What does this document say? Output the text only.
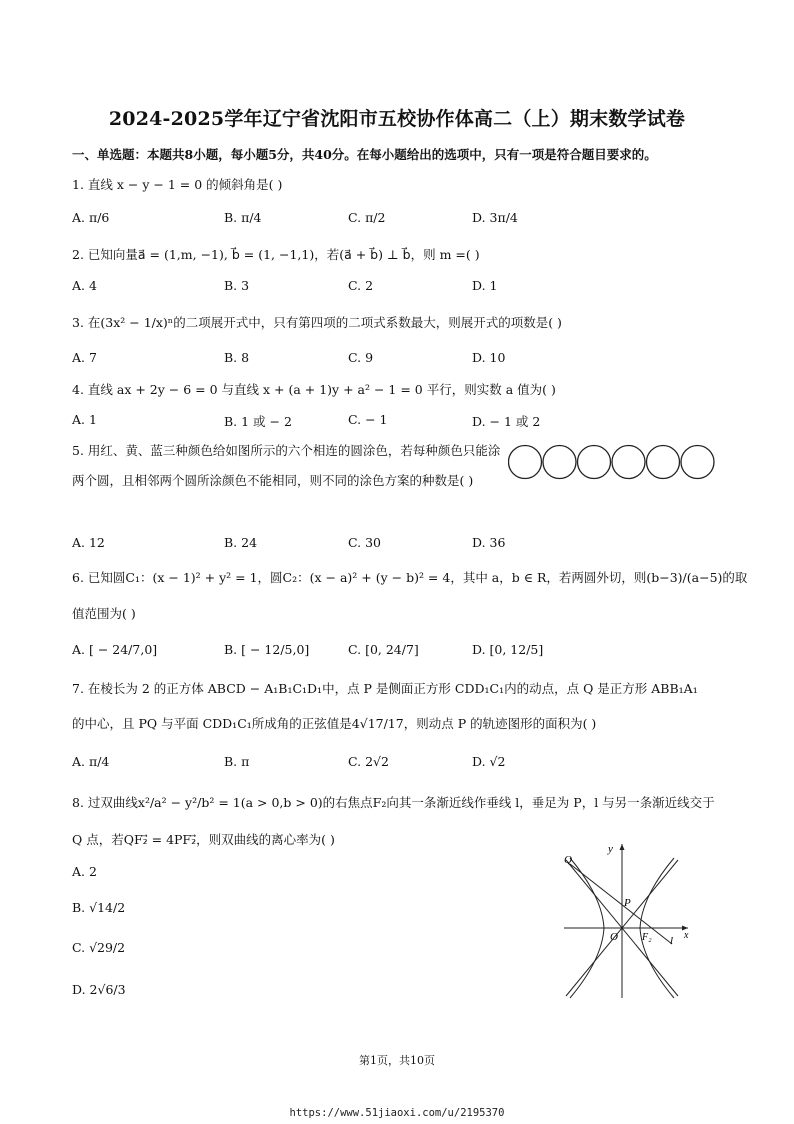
2024-2025学年辽宁省沈阳市五校协作体高二（上）期末数学试卷
一、单选题：本题共8小题，每小题5分，共40分。在每小题给出的选项中，只有一项是符合题目要求的。
1. 直线 x − y − 1 = 0 的倾斜角是( )
A. π/6	B. π/4	C. π/2	D. 3π/4
2. 已知向量a⃗ = (1,m, −1), b⃗ = (1, −1,1)，若(a⃗ + b⃗) ⊥ b⃗，则 m =( )
A. 4	B. 3	C. 2	D. 1
3. 在(3x² − 1/x)ⁿ的二项展开式中，只有第四项的二项式系数最大，则展开式的项数是( )
A. 7	B. 8	C. 9	D. 10
4. 直线 ax + 2y − 6 = 0 与直线 x + (a + 1)y + a² − 1 = 0 平行，则实数 a 值为( )
A. 1	B. 1 或 − 2	C. − 1	D. − 1 或 2
5. 用红、黄、蓝三种颜色给如图所示的六个相连的圆涂色，若每种颜色只能涂两个圆，且相邻两个圆所涂颜色不能相同，则不同的涂色方案的种数是( )
A. 12	B. 24	C. 30	D. 36
6. 已知圆C₁：(x − 1)² + y² = 1，圆C₂：(x − a)² + (y − b)² = 4，其中 a，b ∈ R，若两圆外切，则(b−3)/(a−5)的取
值范围为( )
A. [ − 24/7,0]	B. [ − 12/5,0]	C. [0, 24/7]	D. [0, 12/5]
7. 在棱长为 2 的正方体 ABCD − A₁B₁C₁D₁中，点 P 是侧面正方形 CDD₁C₁内的动点，点 Q 是正方形 ABB₁A₁
的中心，且 PQ 与平面 CDD₁C₁所成角的正弦值是4√17/17，则动点 P 的轨迹图形的面积为( )
A. π/4	B. π	C. 2√2	D. √2
8. 过双曲线x²/a² − y²/b² = 1(a > 0,b > 0)的右焦点F₂向其一条渐近线作垂线 l，垂足为 P，l 与另一条渐近线交于
Q 点，若QF₂⃗ = 4PF₂⃗，则双曲线的离心率为( )
A. 2
B. √14/2
C. √29/2
D. 2√6/3
Q
y
P
O F₂ l x
第1页，共10页
https://www.51jiaoxi.com/u/2195370
